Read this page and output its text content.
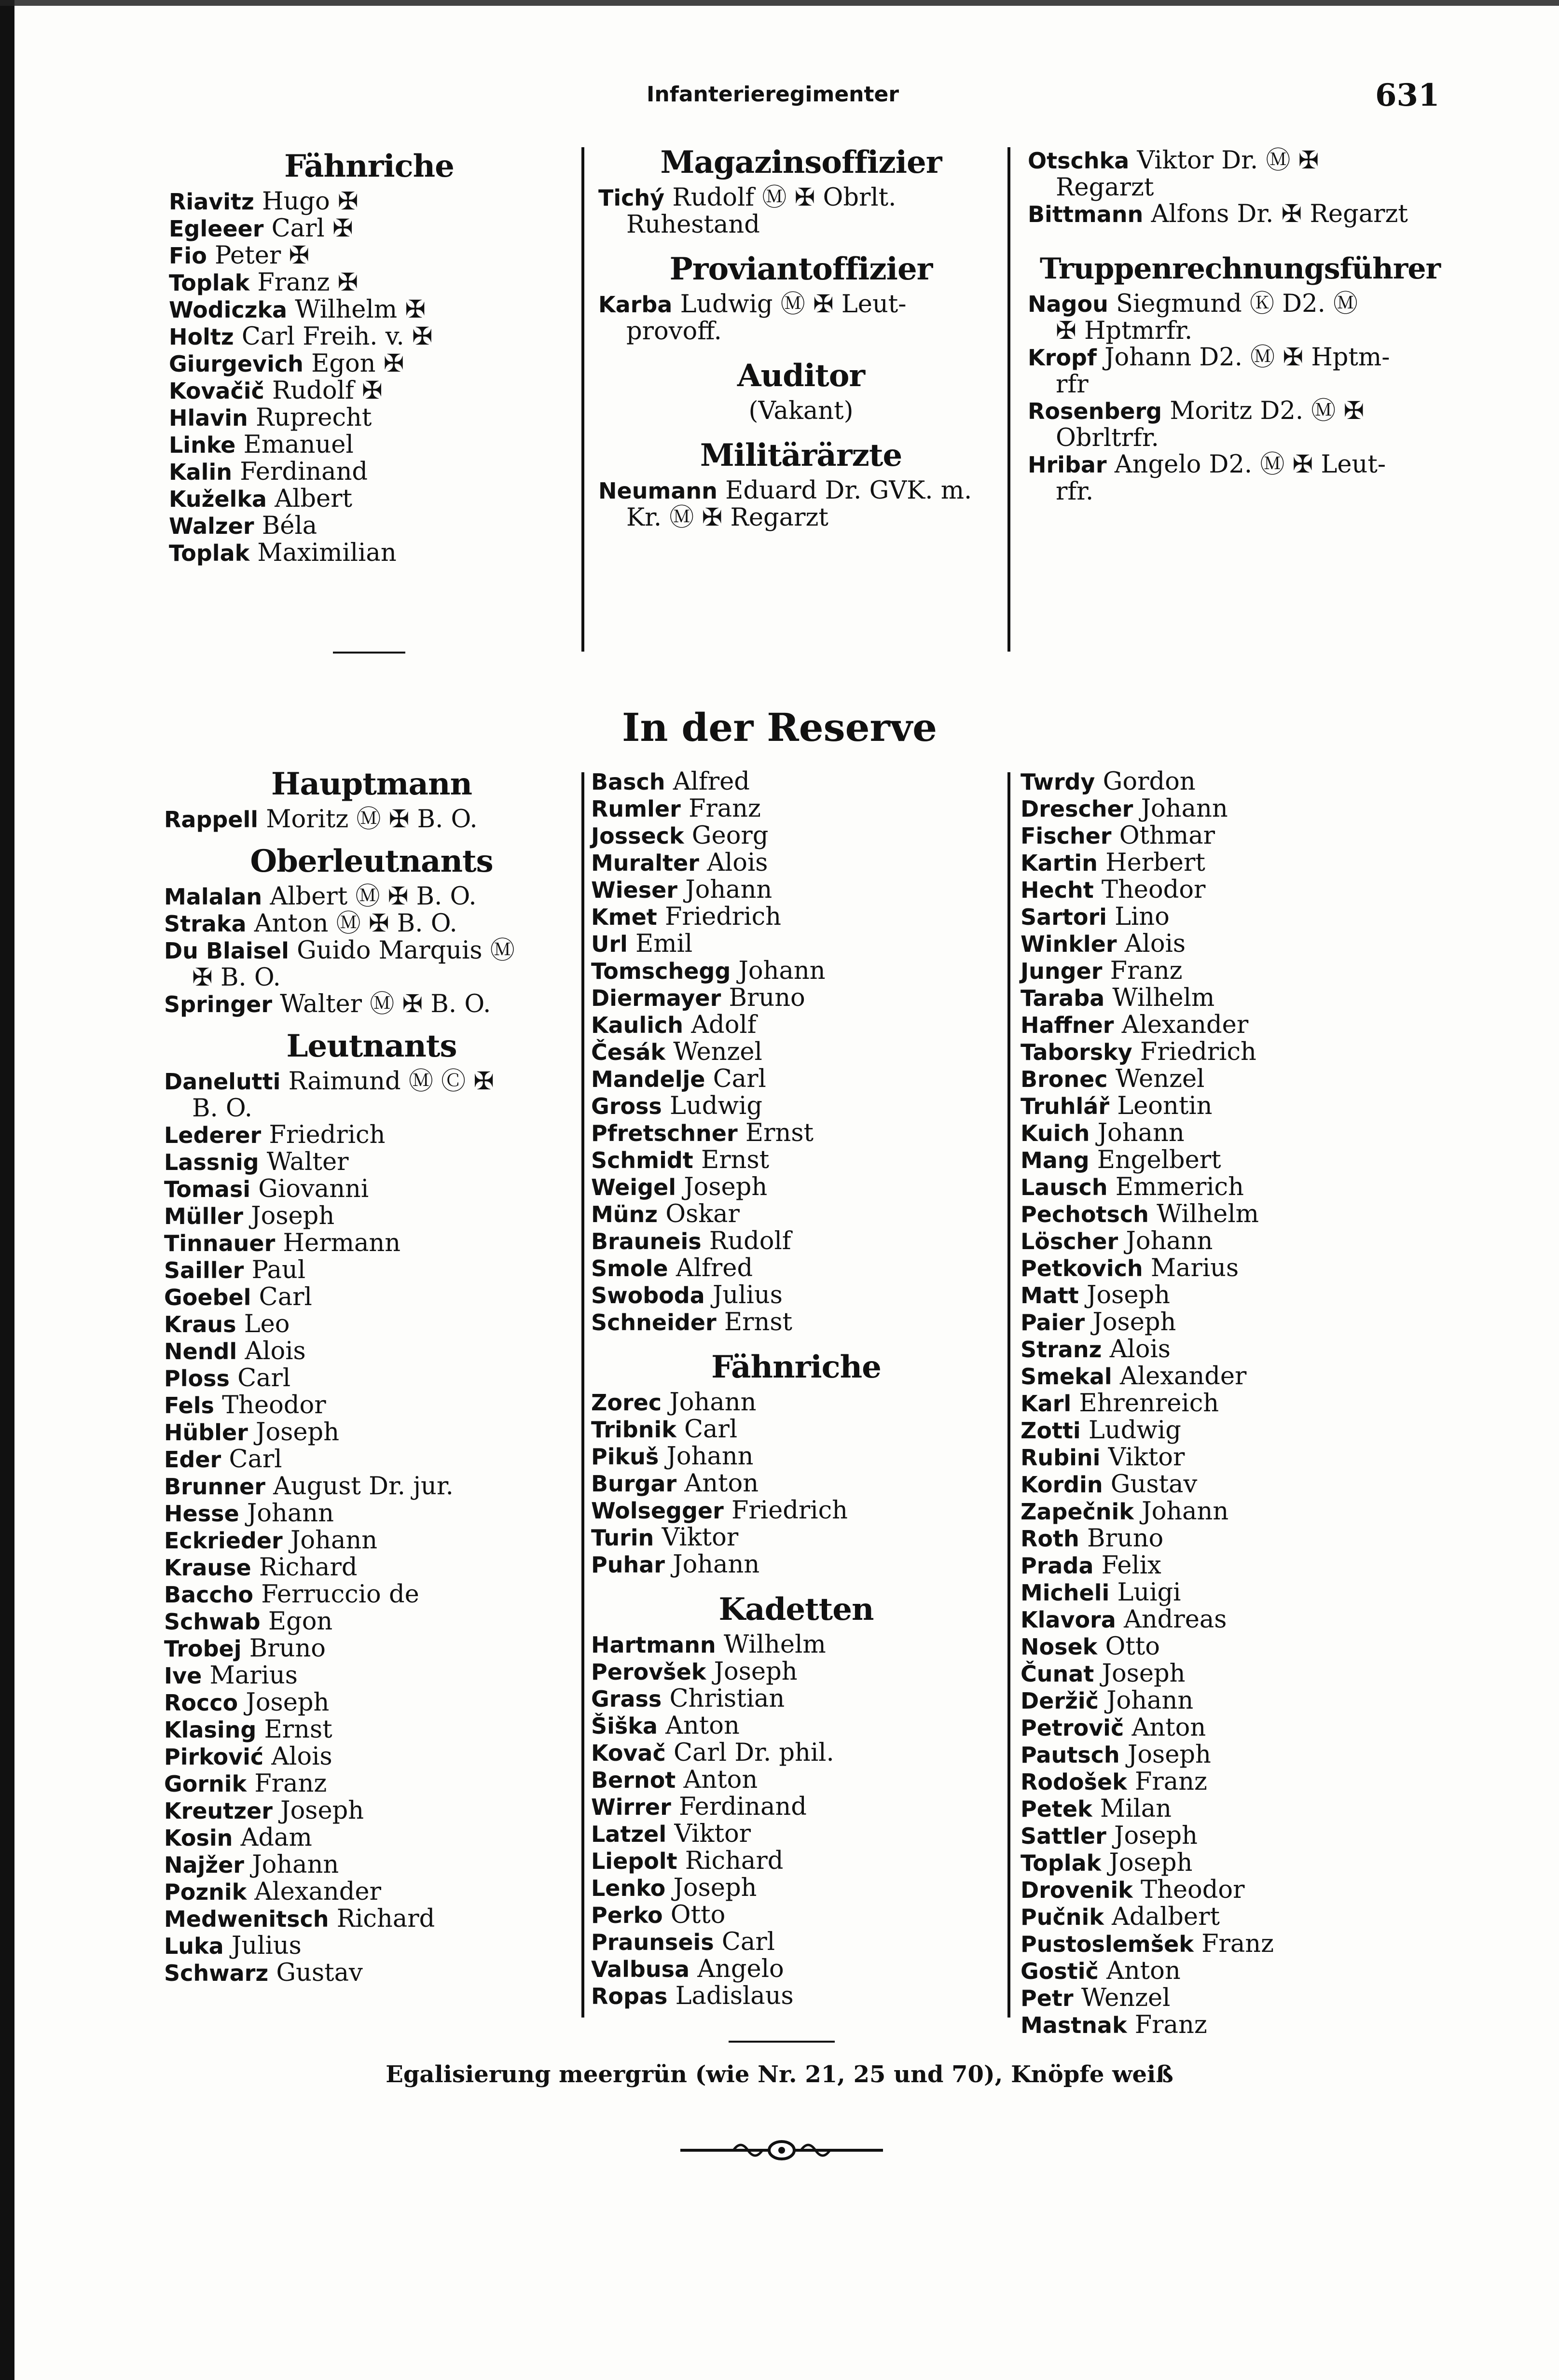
Infanterieregimenter	631
Fähnriche

Riavitz Hugo ✠

Egleeer Carl ✠

Fio Peter ✠

Toplak Franz ✠

Wodiczka Wilhelm ✠

Holtz Carl Freih. v. ✠

Giurgevich Egon ✠

Kovačič Rudolf ✠

Hlavin Ruprecht

Linke Emanuel

Kalin Ferdinand

Kuželka Albert

Walzer Béla

Toplak Maximilian

Magazinsoffizier

Tichý Rudolf Ⓜ ✠ Obrlt.

Ruhestand

Proviantoffizier

Karba Ludwig Ⓜ ✠ Leut-

provoff.

Auditor

(Vakant)

Militärärzte

Neumann Eduard Dr. GVK. m.

Kr. Ⓜ ✠ Regarzt

Otschka Viktor Dr. Ⓜ ✠

Regarzt

Bittmann Alfons Dr. ✠ Regarzt

Truppenrechnungsführer

Nagou Siegmund Ⓚ D2. Ⓜ

✠ Hptmrfr.

Kropf Johann D2. Ⓜ ✠ Hptm-

rfr

Rosenberg Moritz D2. Ⓜ ✠

Obrltrfr.

Hribar Angelo D2. Ⓜ ✠ Leut-

rfr.

In der Reserve
Hauptmann

Rappell Moritz Ⓜ ✠ B. O.

Oberleutnants

Malalan Albert Ⓜ ✠ B. O.

Straka Anton Ⓜ ✠ B. O.

Du Blaisel Guido Marquis Ⓜ

✠ B. O.

Springer Walter Ⓜ ✠ B. O.

Leutnants

Danelutti Raimund Ⓜ Ⓒ ✠

B. O.

Lederer Friedrich

Lassnig Walter

Tomasi Giovanni

Müller Joseph

Tinnauer Hermann

Sailler Paul

Goebel Carl

Kraus Leo

Nendl Alois

Ploss Carl

Fels Theodor

Hübler Joseph

Eder Carl

Brunner August Dr. jur.

Hesse Johann

Eckrieder Johann

Krause Richard

Baccho Ferruccio de

Schwab Egon

Trobej Bruno

Ive Marius

Rocco Joseph

Klasing Ernst

Pirković Alois

Gornik Franz

Kreutzer Joseph

Kosin Adam

Najžer Johann

Poznik Alexander

Medwenitsch Richard

Luka Julius

Schwarz Gustav

Basch Alfred

Rumler Franz

Josseck Georg

Muralter Alois

Wieser Johann

Kmet Friedrich

Url Emil

Tomschegg Johann

Diermayer Bruno

Kaulich Adolf

Česák Wenzel

Mandelje Carl

Gross Ludwig

Pfretschner Ernst

Schmidt Ernst

Weigel Joseph

Münz Oskar

Brauneis Rudolf

Smole Alfred

Swoboda Julius

Schneider Ernst

Fähnriche

Zorec Johann

Tribnik Carl

Pikuš Johann

Burgar Anton

Wolsegger Friedrich

Turin Viktor

Puhar Johann

Kadetten

Hartmann Wilhelm

Perovšek Joseph

Grass Christian

Šiška Anton

Kovač Carl Dr. phil.

Bernot Anton

Wirrer Ferdinand

Latzel Viktor

Liepolt Richard

Lenko Joseph

Perko Otto

Praunseis Carl

Valbusa Angelo

Ropas Ladislaus

Twrdy Gordon

Drescher Johann

Fischer Othmar

Kartin Herbert

Hecht Theodor

Sartori Lino

Winkler Alois

Junger Franz

Taraba Wilhelm

Haffner Alexander

Taborsky Friedrich

Bronec Wenzel

Truhlář Leontin

Kuich Johann

Mang Engelbert

Lausch Emmerich

Pechotsch Wilhelm

Löscher Johann

Petkovich Marius

Matt Joseph

Paier Joseph

Stranz Alois

Smekal Alexander

Karl Ehrenreich

Zotti Ludwig

Rubini Viktor

Kordin Gustav

Zapečnik Johann

Roth Bruno

Prada Felix

Micheli Luigi

Klavora Andreas

Nosek Otto

Čunat Joseph

Deržič Johann

Petrovič Anton

Pautsch Joseph

Rodošek Franz

Petek Milan

Sattler Joseph

Toplak Joseph

Drovenik Theodor

Pučnik Adalbert

Pustoslemšek Franz

Gostič Anton

Petr Wenzel

Mastnak Franz

Egalisierung meergrün (wie Nr. 21, 25 und 70), Knöpfe weiß
